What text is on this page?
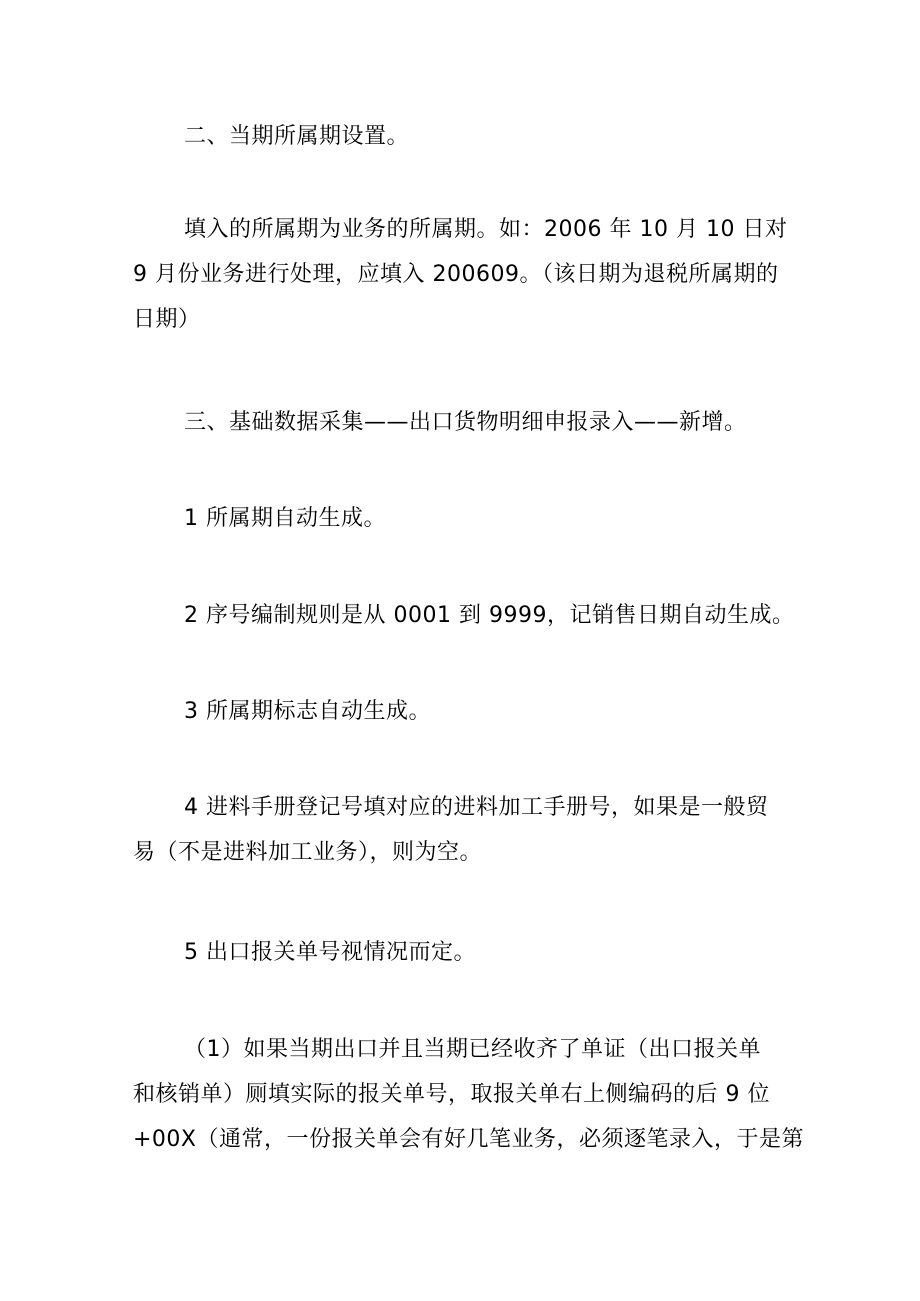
二、当期所属期设置。

填入的所属期为业务的所属期。如：2006 年 10 月 10 日对
9 月份业务进行处理，应填入 200609。（该日期为退税所属期的
日期）

三、基础数据采集——出口货物明细申报录入——新增。

1 所属期自动生成。

2 序号编制规则是从 0001 到 9999，记销售日期自动生成。

3 所属期标志自动生成。

4 进料手册登记号填对应的进料加工手册号，如果是一般贸
易（不是进料加工业务），则为空。

5 出口报关单号视情况而定。

（1）如果当期出口并且当期已经收齐了单证（出口报关单
和核销单）厕填实际的报关单号，取报关单右上侧编码的后 9 位
+00X（通常，一份报关单会有好几笔业务，必须逐笔录入，于是第
